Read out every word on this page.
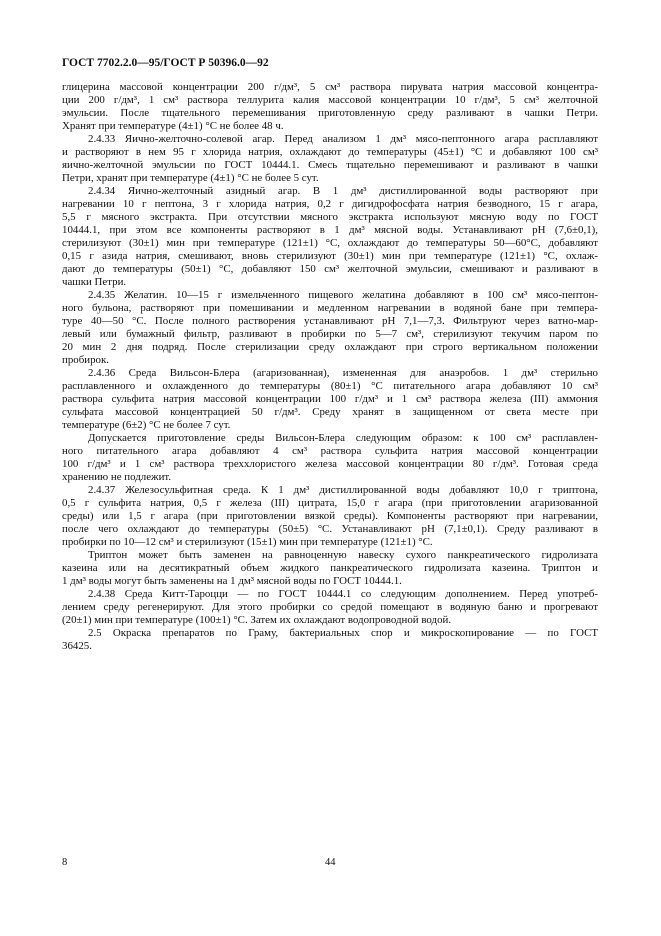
ГОСТ 7702.2.0—95/ГОСТ Р 50396.0—92
глицерина массовой концентрации 200 г/дм³, 5 см³ раствора пирувата натрия массовой концентра-
ции 200 г/дм³, 1 см³ раствора теллурита калия массовой концентрации 10 г/дм³, 5 см³ желточной
эмульсии. После тщательного перемешивания приготовленную среду разливают в чашки Петри.
Хранят при температуре (4±1) °С не более 48 ч.
2.4.33 Яично-желточно-солевой агар. Перед анализом 1 дм³ мясо-пептонного агара расплавляют
и растворяют в нем 95 г хлорида натрия, охлаждают до температуры (45±1) °С и добавляют 100 см³
яично-желточной эмульсии по ГОСТ 10444.1. Смесь тщательно перемешивают и разливают в чашки
Петри, хранят при температуре (4±1) °С не более 5 сут.
2.4.34 Яично-желточный азидный агар. В 1 дм³ дистиллированной воды растворяют при
нагревании 10 г пептона, 3 г хлорида натрия, 0,2 г дигидрофосфата натрия безводного, 15 г агара,
5,5 г мясного экстракта. При отсутствии мясного экстракта используют мясную воду по ГОСТ
10444.1, при этом все компоненты растворяют в 1 дм³ мясной воды. Устанавливают pH (7,6±0,1),
стерилизуют (30±1) мин при температуре (121±1) °С, охлаждают до температуры 50—60°С, добавляют
0,15 г азида натрия, смешивают, вновь стерилизуют (30±1) мин при температуре (121±1) °С, охлаж-
дают до температуры (50±1) °С, добавляют 150 см³ желточной эмульсии, смешивают и разливают в
чашки Петри.
2.4.35 Желатин. 10—15 г измельченного пищевого желатина добавляют в 100 см³ мясо-пептон-
ного бульона, растворяют при помешивании и медленном нагревании в водяной бане при темпера-
туре 40—50 °С. После полного растворения устанавливают pH 7,1—7,3. Фильтруют через ватно-мар-
левый или бумажный фильтр, разливают в пробирки по 5—7 см³, стерилизуют текучим паром по
20 мин 2 дня подряд. После стерилизации среду охлаждают при строго вертикальном положении
пробирок.
2.4.36 Среда Вильсон-Блера (агаризованная), измененная для анаэробов. 1 дм³ стерильно
расплавленного и охлажденного до температуры (80±1) °С питательного агара добавляют 10 см³
раствора сульфита натрия массовой концентрации 100 г/дм³ и 1 см³ раствора железа (III) аммония
сульфата массовой концентрацией 50 г/дм³. Среду хранят в защищенном от света месте при
температуре (6±2) °С не более 7 сут.
Допускается приготовление среды Вильсон-Блера следующим образом: к 100 см³ расплавлен-
ного питательного агара добавляют 4 см³ раствора сульфита натрия массовой концентрации
100 г/дм³ и 1 см³ раствора треххлористого железа массовой концентрации 80 г/дм³. Готовая среда
хранению не подлежит.
2.4.37 Железосульфитная среда. К 1 дм³ дистиллированной воды добавляют 10,0 г триптона,
0,5 г сульфита натрия, 0,5 г железа (III) цитрата, 15,0 г агара (при приготовлении агаризованной
среды) или 1,5 г агара (при приготовлении вязкой среды). Компоненты растворяют при нагревании,
после чего охлаждают до температуры (50±5) °С. Устанавливают pH (7,1±0,1). Среду разливают в
пробирки по 10—12 см³ и стерилизуют (15±1) мин при температуре (121±1) °С.
Триптон может быть заменен на равноценную навеску сухого панкреатического гидролизата
казеина или на десятикратный объем жидкого панкреатического гидролизата казеина. Триптон и
1 дм³ воды могут быть заменены на 1 дм³ мясной воды по ГОСТ 10444.1.
2.4.38 Среда Китт-Тароцци — по ГОСТ 10444.1 со следующим дополнением. Перед употреб-
лением среду регенерируют. Для этого пробирки со средой помещают в водяную баню и прогревают
(20±1) мин при температуре (100±1) °С. Затем их охлаждают водопроводной водой.
2.5 Окраска препаратов по Граму, бактериальных спор и микроскопирование — по ГОСТ
36425.
8	44
